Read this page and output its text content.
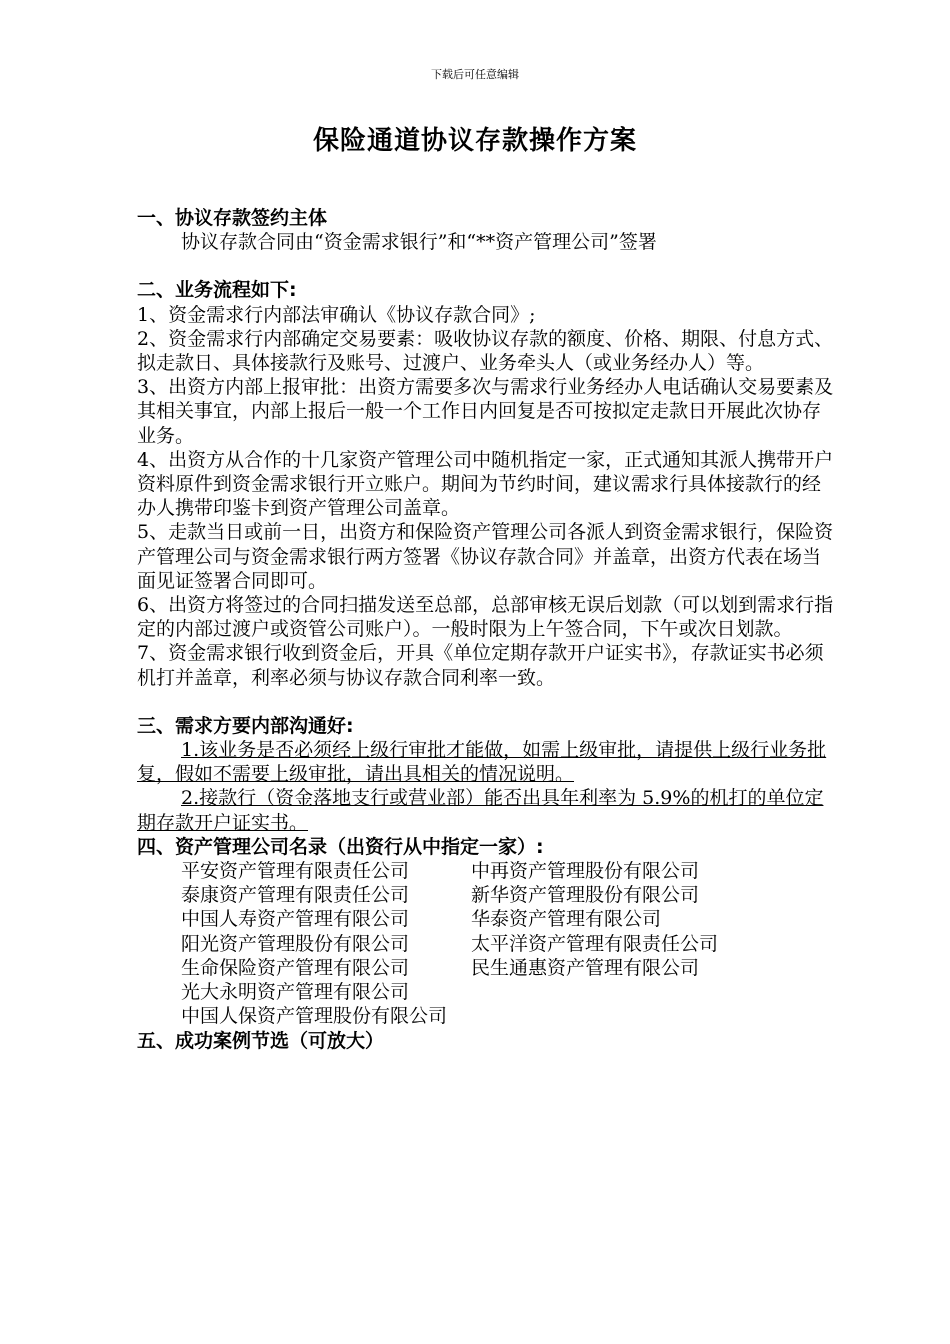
下载后可任意编辑
保险通道协议存款操作方案
一、协议存款签约主体

协议存款合同由“资金需求银行”和“**资产管理公司”签署

二、业务流程如下:

1、资金需求行内部法审确认《协议存款合同》;

2、资金需求行内部确定交易要素：吸收协议存款的额度、价格、期限、付息方式、拟走款日、具体接款行及账号、过渡户、业务牵头人（或业务经办人）等。

3、出资方内部上报审批：出资方需要多次与需求行业务经办人电话确认交易要素及其相关事宜，内部上报后一般一个工作日内回复是否可按拟定走款日开展此次协存业务。

4、出资方从合作的十几家资产管理公司中随机指定一家，正式通知其派人携带开户资料原件到资金需求银行开立账户。期间为节约时间，建议需求行具体接款行的经办人携带印鉴卡到资产管理公司盖章。

5、走款当日或前一日，出资方和保险资产管理公司各派人到资金需求银行，保险资产管理公司与资金需求银行两方签署《协议存款合同》并盖章，出资方代表在场当面见证签署合同即可。

6、出资方将签过的合同扫描发送至总部，总部审核无误后划款（可以划到需求行指定的内部过渡户或资管公司账户）。一般时限为上午签合同，下午或次日划款。

7、资金需求银行收到资金后，开具《单位定期存款开户证实书》，存款证实书必须机打并盖章，利率必须与协议存款合同利率一致。

三、需求方要内部沟通好:

1.该业务是否必须经上级行审批才能做，如需上级审批，请提供上级行业务批复，假如不需要上级审批，请出具相关的情况说明。

2.接款行（资金落地支行或营业部）能否出具年利率为 5.9%的机打的单位定期存款开户证实书。

四、资产管理公司名录（出资行从中指定一家）:
平安资产管理有限责任公司	中再资产管理股份有限公司
泰康资产管理有限责任公司	新华资产管理股份有限公司
中国人寿资产管理有限公司	华泰资产管理有限公司
阳光资产管理股份有限公司	太平洋资产管理有限责任公司
生命保险资产管理有限公司	民生通惠资产管理有限公司
光大永明资产管理有限公司
中国人保资产管理股份有限公司
五、成功案例节选（可放大）
